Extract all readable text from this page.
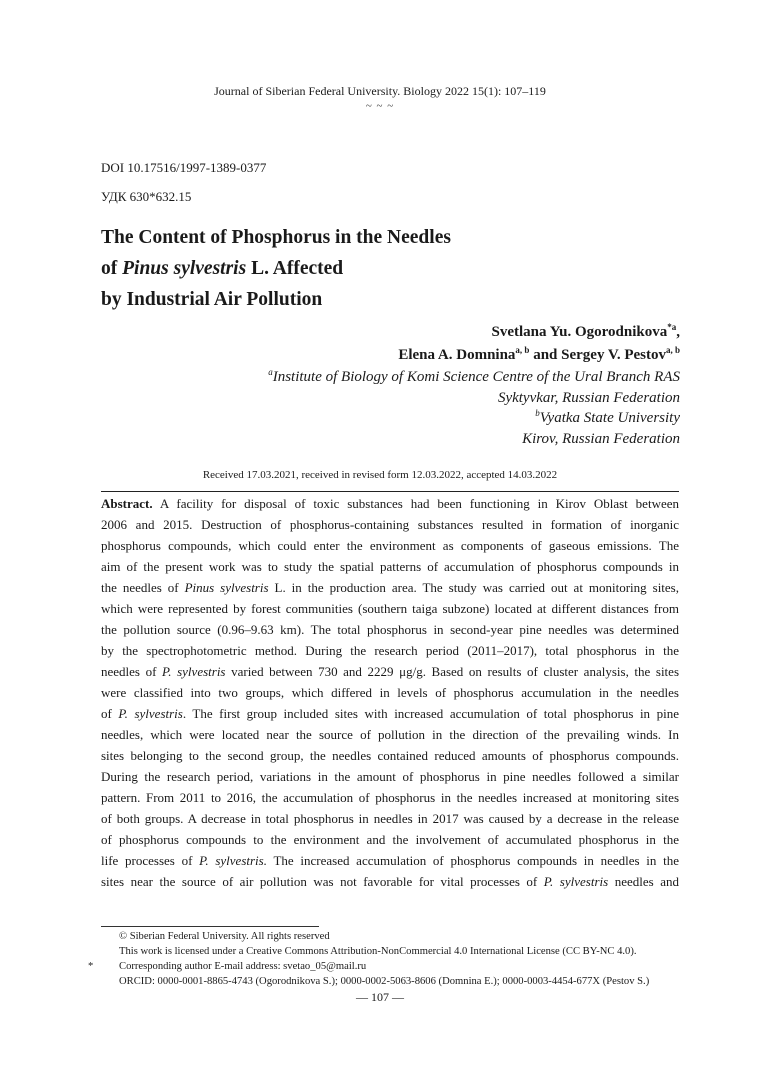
Journal of Siberian Federal University. Biology 2022 15(1): 107–119
~ ~ ~
DOI 10.17516/1997-1389-0377
УДК 630*632.15
The Content of Phosphorus in the Needles
of Pinus sylvestris L. Affected
by Industrial Air Pollution
Svetlana Yu. Ogorodnikova$^{*a}$,
Elena A. Domnina$^{a, b}$ and Sergey V. Pestov$^{a, b}$
$^a$Institute of Biology of Komi Science Centre of the Ural Branch RAS
Syktyvkar, Russian Federation
$^b$Vyatka State University
Kirov, Russian Federation
Received 17.03.2021, received in revised form 12.03.2022, accepted 14.03.2022
Abstract. A facility for disposal of toxic substances had been functioning in Kirov Oblast between
2006 and 2015. Destruction of phosphorus-containing substances resulted in formation of inorganic
phosphorus compounds, which could enter the environment as components of gaseous emissions. The
aim of the present work was to study the spatial patterns of accumulation of phosphorus compounds in
the needles of Pinus sylvestris L. in the production area. The study was carried out at monitoring sites,
which were represented by forest communities (southern taiga subzone) located at different distances from
the pollution source (0.96–9.63 km). The total phosphorus in second-year pine needles was determined
by the spectrophotometric method. During the research period (2011–2017), total phosphorus in the
needles of P. sylvestris varied between 730 and 2229 μg/g. Based on results of cluster analysis, the sites
were classified into two groups, which differed in levels of phosphorus accumulation in the needles
of P. sylvestris. The first group included sites with increased accumulation of total phosphorus in pine
needles, which were located near the source of pollution in the direction of the prevailing winds. In
sites belonging to the second group, the needles contained reduced amounts of phosphorus compounds.
During the research period, variations in the amount of phosphorus in pine needles followed a similar
pattern. From 2011 to 2016, the accumulation of phosphorus in the needles increased at monitoring sites
of both groups. A decrease in total phosphorus in needles in 2017 was caused by a decrease in the release
of phosphorus compounds to the environment and the involvement of accumulated phosphorus in the
life processes of P. sylvestris. The increased accumulation of phosphorus compounds in needles in the
sites near the source of air pollution was not favorable for vital processes of P. sylvestris needles and
© Siberian Federal University. All rights reserved
This work is licensed under a Creative Commons Attribution-NonCommercial 4.0 International License (CC BY-NC 4.0).
* Corresponding author E-mail address: svetao_05@mail.ru
ORCID: 0000-0001-8865-4743 (Ogorodnikova S.); 0000-0002-5063-8606 (Domnina E.); 0000-0003-4454-677X (Pestov S.)
— 107 —
